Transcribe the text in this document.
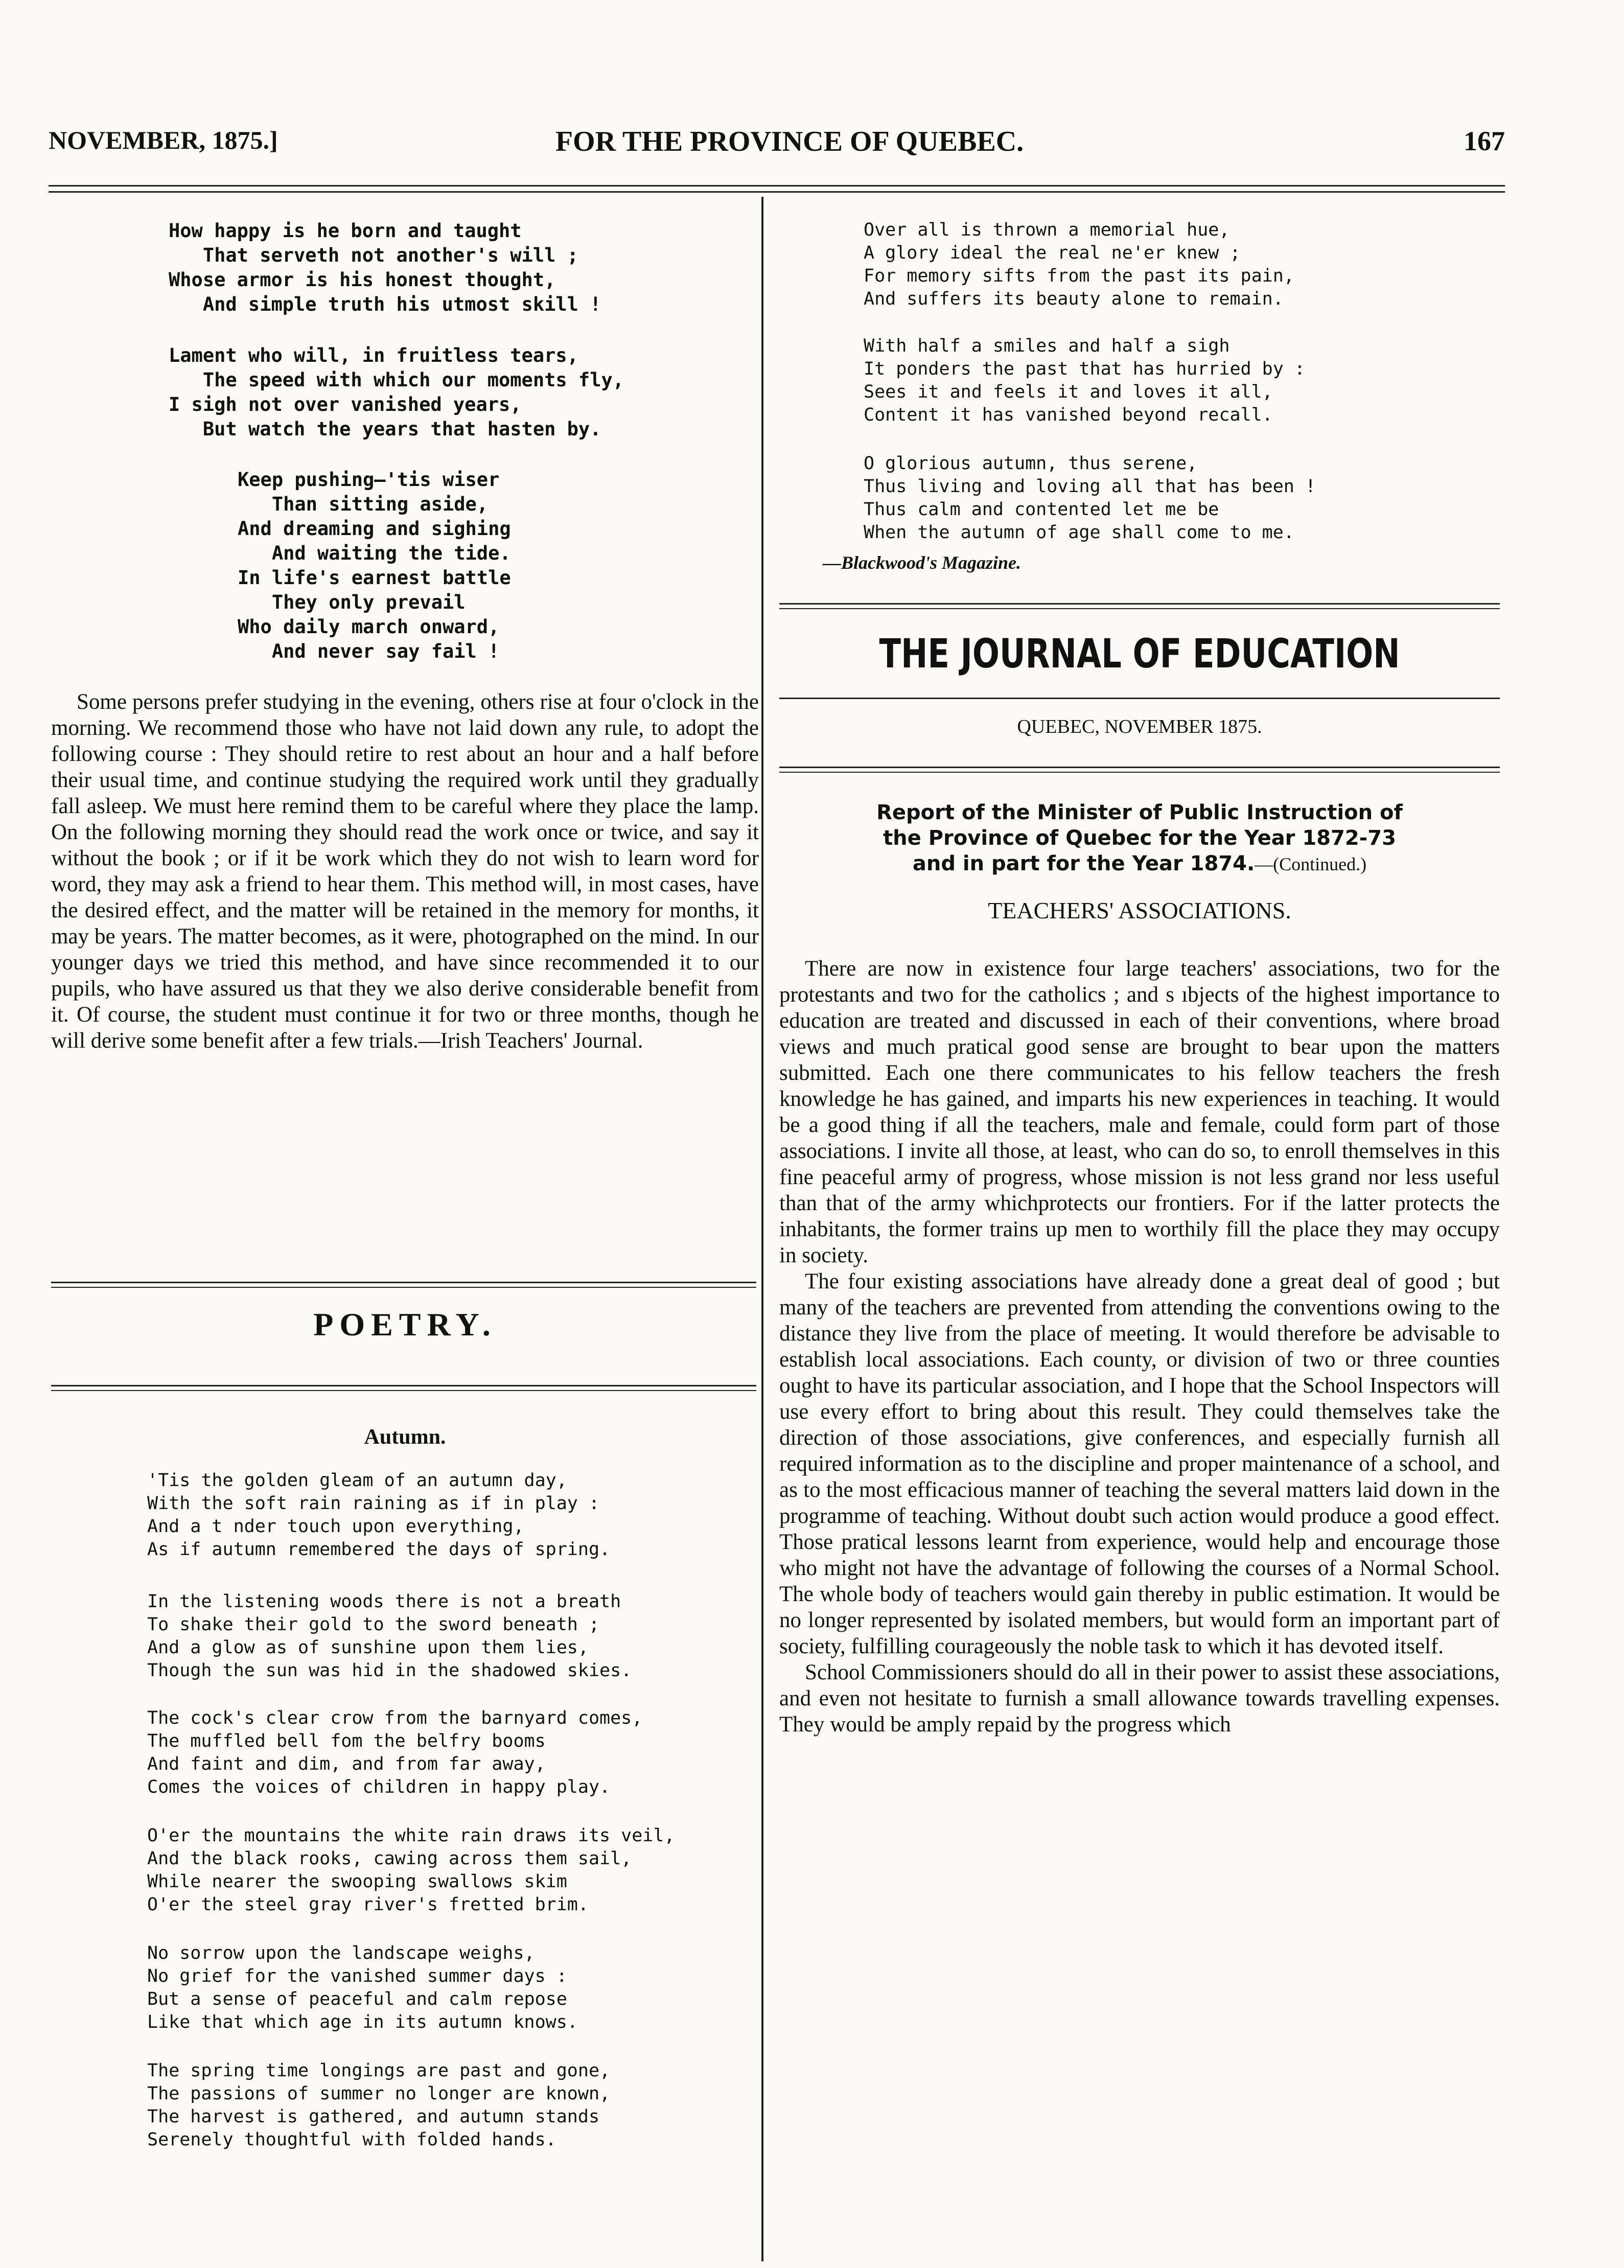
NOVEMBER, 1875.]	FOR THE PROVINCE OF QUEBEC.	167
How happy is he born and taught
That serveth not another's will ;
Whose armor is his honest thought,
And simple truth his utmost skill !
Lament who will, in fruitless tears,
The speed with which our moments fly,
I sigh not over vanished years,
But watch the years that hasten by.
Keep pushing—'tis wiser
Than sitting aside,
And dreaming and sighing
And waiting the tide.
In life's earnest battle
They only prevail
Who daily march onward,
And never say fail !

Some persons prefer studying in the evening, others rise at four o'clock in the morning. We recommend those who have not laid down any rule, to adopt the following course : They should retire to rest about an hour and a half before their usual time, and continue studying the required work until they gradually fall asleep. We must here remind them to be careful where they place the lamp. On the following morning they should read the work once or twice, and say it without the book ; or if it be work which they do not wish to learn word for word, they may ask a friend to hear them. This method will, in most cases, have the desired effect, and the matter will be retained in the memory for months, it may be years. The matter becomes, as it were, photographed on the mind. In our younger days we tried this method, and have since recommended it to our pupils, who have assured us that they we also derive considerable benefit from it. Of course, the student must continue it for two or three months, though he will derive some benefit after a few trials.—Irish Teachers' Journal.

POETRY.
Autumn.
'Tis the golden gleam of an autumn day,
With the soft rain raining as if in play :
And a t nder touch upon everything,
As if autumn remembered the days of spring.
In the listening woods there is not a breath
To shake their gold to the sword beneath ;
And a glow as of sunshine upon them lies,
Though the sun was hid in the shadowed skies.
The cock's clear crow from the barnyard comes,
The muffled bell fom the belfry booms
And faint and dim, and from far away,
Comes the voices of children in happy play.
O'er the mountains the white rain draws its veil,
And the black rooks, cawing across them sail,
While nearer the swooping swallows skim
O'er the steel gray river's fretted brim.
No sorrow upon the landscape weighs,
No grief for the vanished summer days :
But a sense of peaceful and calm repose
Like that which age in its autumn knows.
The spring time longings are past and gone,
The passions of summer no longer are known,
The harvest is gathered, and autumn stands
Serenely thoughtful with folded hands.
Over all is thrown a memorial hue,
A glory ideal the real ne'er knew ;
For memory sifts from the past its pain,
And suffers its beauty alone to remain.
With half a smiles and half a sigh
It ponders the past that has hurried by :
Sees it and feels it and loves it all,
Content it has vanished beyond recall.
O glorious autumn, thus serene,
Thus living and loving all that has been !
Thus calm and contented let me be
When the autumn of age shall come to me.
—Blackwood's Magazine.
THE JOURNAL OF EDUCATION
QUEBEC, NOVEMBER 1875.
Report of the Minister of Public Instruction of
the Province of Quebec for the Year 1872-73
and in part for the Year 1874.—(Continued.)
TEACHERS' ASSOCIATIONS.

There are now in existence four large teachers' associations, two for the protestants and two for the catholics ; and s ıbjects of the highest importance to education are treated and discussed in each of their conventions, where broad views and much pratical good sense are brought to bear upon the matters submitted. Each one there communicates to his fellow teachers the fresh knowledge he has gained, and imparts his new experiences in teaching. It would be a good thing if all the teachers, male and female, could form part of those associations. I invite all those, at least, who can do so, to enroll themselves in this fine peaceful army of progress, whose mission is not less grand nor less useful than that of the army whichprotects our frontiers. For if the latter protects the inhabitants, the former trains up men to worthily fill the place they may occupy in society.

The four existing associations have already done a great deal of good ; but many of the teachers are prevented from attending the conventions owing to the distance they live from the place of meeting. It would therefore be advisable to establish local associations. Each county, or division of two or three counties ought to have its particular association, and I hope that the School Inspectors will use every effort to bring about this result. They could themselves take the direction of those associations, give conferences, and especially furnish all required information as to the discipline and proper maintenance of a school, and as to the most efficacious manner of teaching the several matters laid down in the programme of teaching. Without doubt such action would produce a good effect. Those pratical lessons learnt from experience, would help and encourage those who might not have the advantage of following the courses of a Normal School. The whole body of teachers would gain thereby in public estimation. It would be no longer represented by isolated members, but would form an important part of society, fulfilling courageously the noble task to which it has devoted itself.

School Commissioners should do all in their power to assist these associations, and even not hesitate to furnish a small allowance towards travelling expenses. They would be amply repaid by the progress which
